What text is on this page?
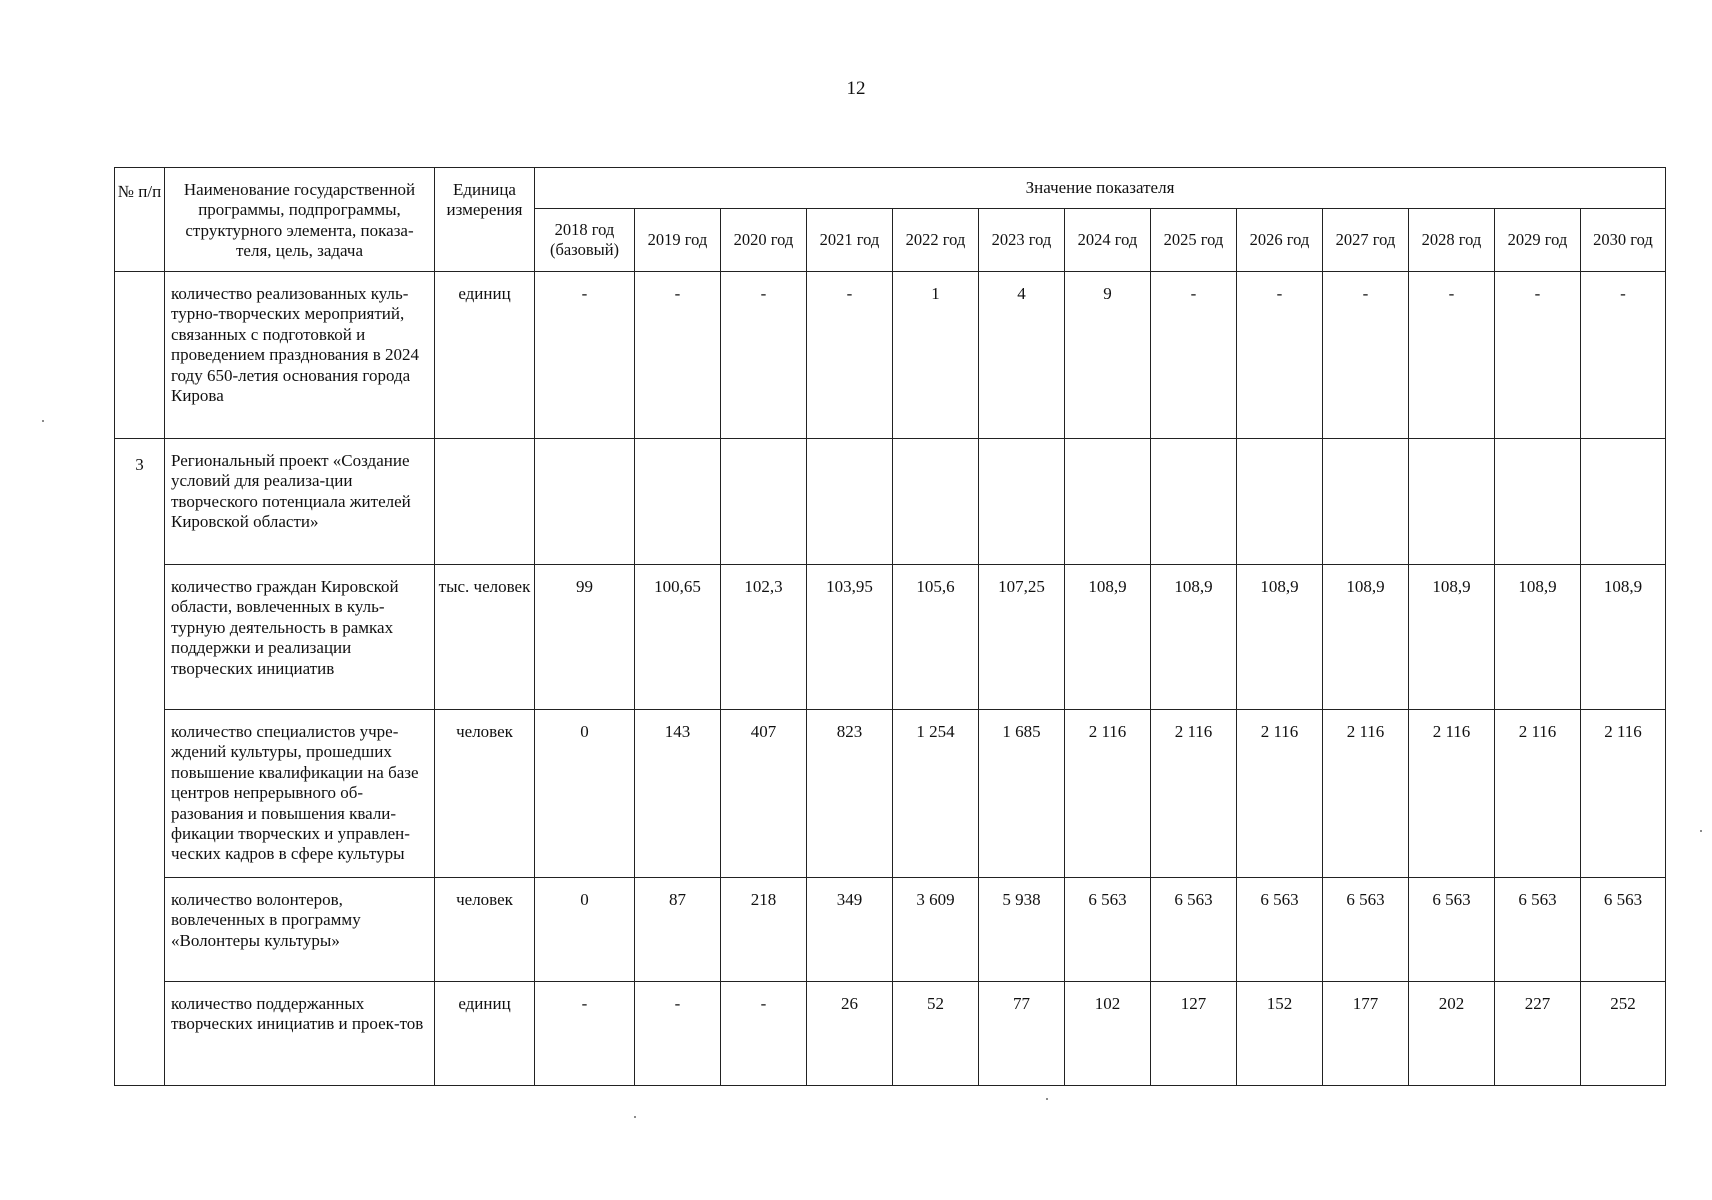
12
№ п/п	Наименование государственной программы, подпрограммы, структурного элемента, показа-теля, цель, задача	Единица измерения	Значение показателя												
			2018 год (базовый)	2019 год	2020 год	2021 год	2022 год	2023 год	2024 год	2025 год	2026 год	2027 год	2028 год	2029 год	2030 год
	количество реализованных куль-турно-творческих мероприятий, связанных с подготовкой и проведением празднования в 2024 году 650-летия основания города Кирова	единиц	-	-	-	-	1	4	9	-	-	-	-	-	-
3	Региональный проект «Создание условий для реализа-ции творческого потенциала жителей Кировской области»														
	количество граждан Кировской области, вовлеченных в куль-турную деятельность в рамках поддержки и реализации творческих инициатив	тыс. человек	99	100,65	102,3	103,95	105,6	107,25	108,9	108,9	108,9	108,9	108,9	108,9	108,9
	количество специалистов учре-ждений культуры, прошедших повышение квалификации на базе центров непрерывного об-разования и повышения квали-фикации творческих и управлен-ческих кадров в сфере культуры	человек	0	143	407	823	1 254	1 685	2 116	2 116	2 116	2 116	2 116	2 116	2 116
	количество волонтеров, вовлеченных в программу «Волонтеры культуры»	человек	0	87	218	349	3 609	5 938	6 563	6 563	6 563	6 563	6 563	6 563	6 563
	количество поддержанных творческих инициатив и проек-тов	единиц	-	-	-	26	52	77	102	127	152	177	202	227	252
